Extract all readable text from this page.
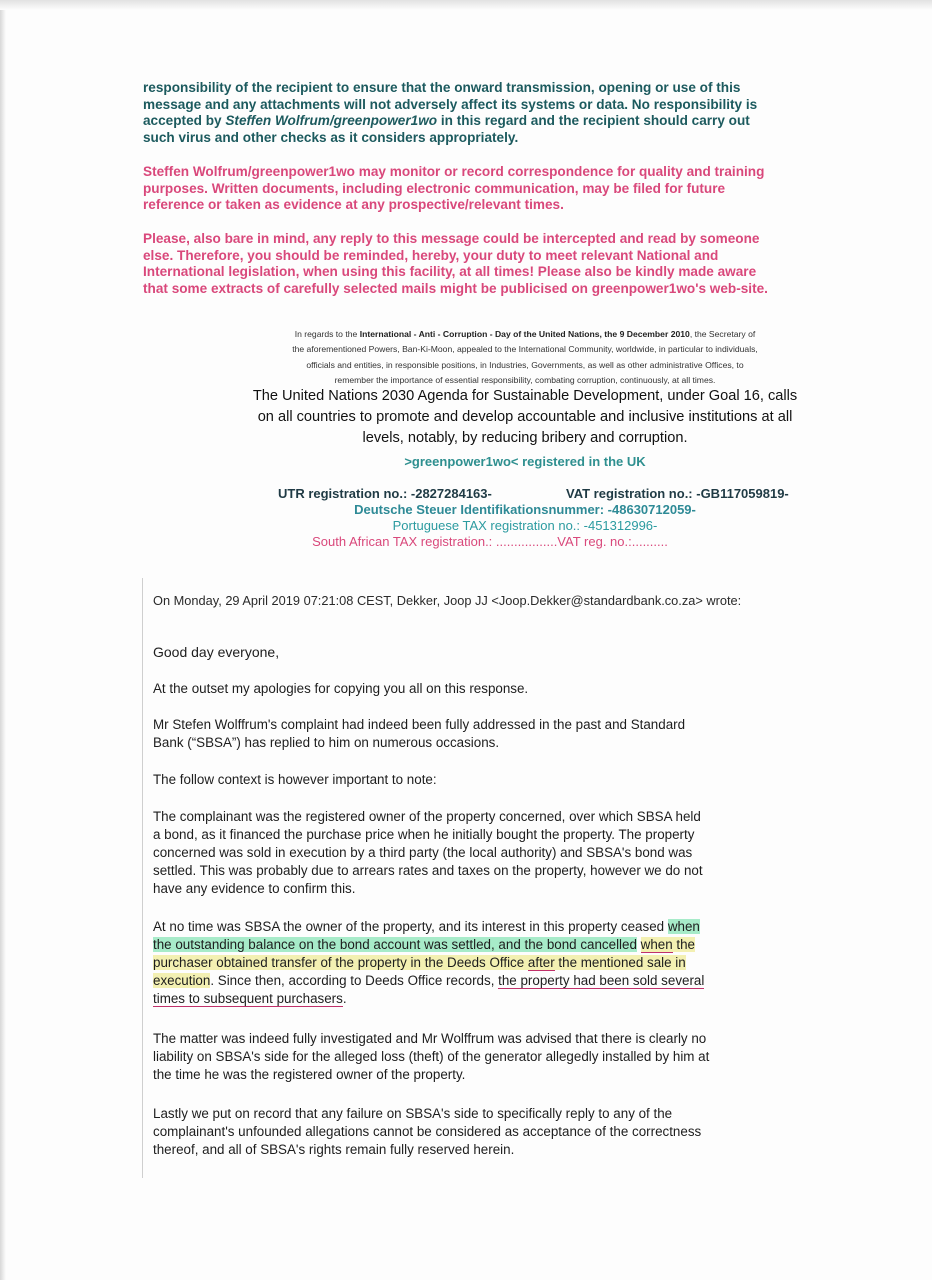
responsibility of the recipient to ensure that the onward transmission, opening or use of this
message and any attachments will not adversely affect its systems or data. No responsibility is
accepted by Steffen Wolfrum/greenpower1wo in this regard and the recipient should carry out
such virus and other checks as it considers appropriately.
Steffen Wolfrum/greenpower1wo may monitor or record correspondence for quality and training
purposes. Written documents, including electronic communication, may be filed for future
reference or taken as evidence at any prospective/relevant times.
Please, also bare in mind, any reply to this message could be intercepted and read by someone
else. Therefore, you should be reminded, hereby, your duty to meet relevant National and
International legislation, when using this facility, at all times! Please also be kindly made aware
that some extracts of carefully selected mails might be publicised on greenpower1wo's web-site.
In regards to the International - Anti - Corruption - Day of the United Nations, the 9 December 2010, the Secretary of
the aforementioned Powers, Ban-Ki-Moon, appealed to the International Community, worldwide, in particular to individuals,
officials and entities, in responsible positions, in Industries, Governments, as well as other administrative Offices, to
remember the importance of essential responsibility, combating corruption, continuously, at all times.
The United Nations 2030 Agenda for Sustainable Development, under Goal 16, calls
on all countries to promote and develop accountable and inclusive institutions at all
levels, notably, by reducing bribery and corruption.
>greenpower1wo< registered in the UK
UTR registration no.: -2827284163-	VAT registration no.: -GB117059819-
Deutsche Steuer Identifikationsnummer: -48630712059-
Portuguese TAX registration no.: -451312996-
South African TAX registration.: .................VAT reg. no.:..........
On Monday, 29 April 2019 07:21:08 CEST, Dekker, Joop JJ <Joop.Dekker@standardbank.co.za> wrote:
Good day everyone,
At the outset my apologies for copying you all on this response.
Mr Stefen Wolffrum's complaint had indeed been fully addressed in the past and Standard
Bank (“SBSA”) has replied to him on numerous occasions.
The follow context is however important to note:
The complainant was the registered owner of the property concerned, over which SBSA held
a bond, as it financed the purchase price when he initially bought the property. The property
concerned was sold in execution by a third party (the local authority) and SBSA's bond was
settled. This was probably due to arrears rates and taxes on the property, however we do not
have any evidence to confirm this.
At no time was SBSA the owner of the property, and its interest in this property ceased when
the outstanding balance on the bond account was settled, and the bond cancelled when the
purchaser obtained transfer of the property in the Deeds Office after the mentioned sale in
execution. Since then, according to Deeds Office records, the property had been sold several
times to subsequent purchasers.
The matter was indeed fully investigated and Mr Wolffrum was advised that there is clearly no
liability on SBSA's side for the alleged loss (theft) of the generator allegedly installed by him at
the time he was the registered owner of the property.
Lastly we put on record that any failure on SBSA's side to specifically reply to any of the
complainant's unfounded allegations cannot be considered as acceptance of the correctness
thereof, and all of SBSA's rights remain fully reserved herein.
